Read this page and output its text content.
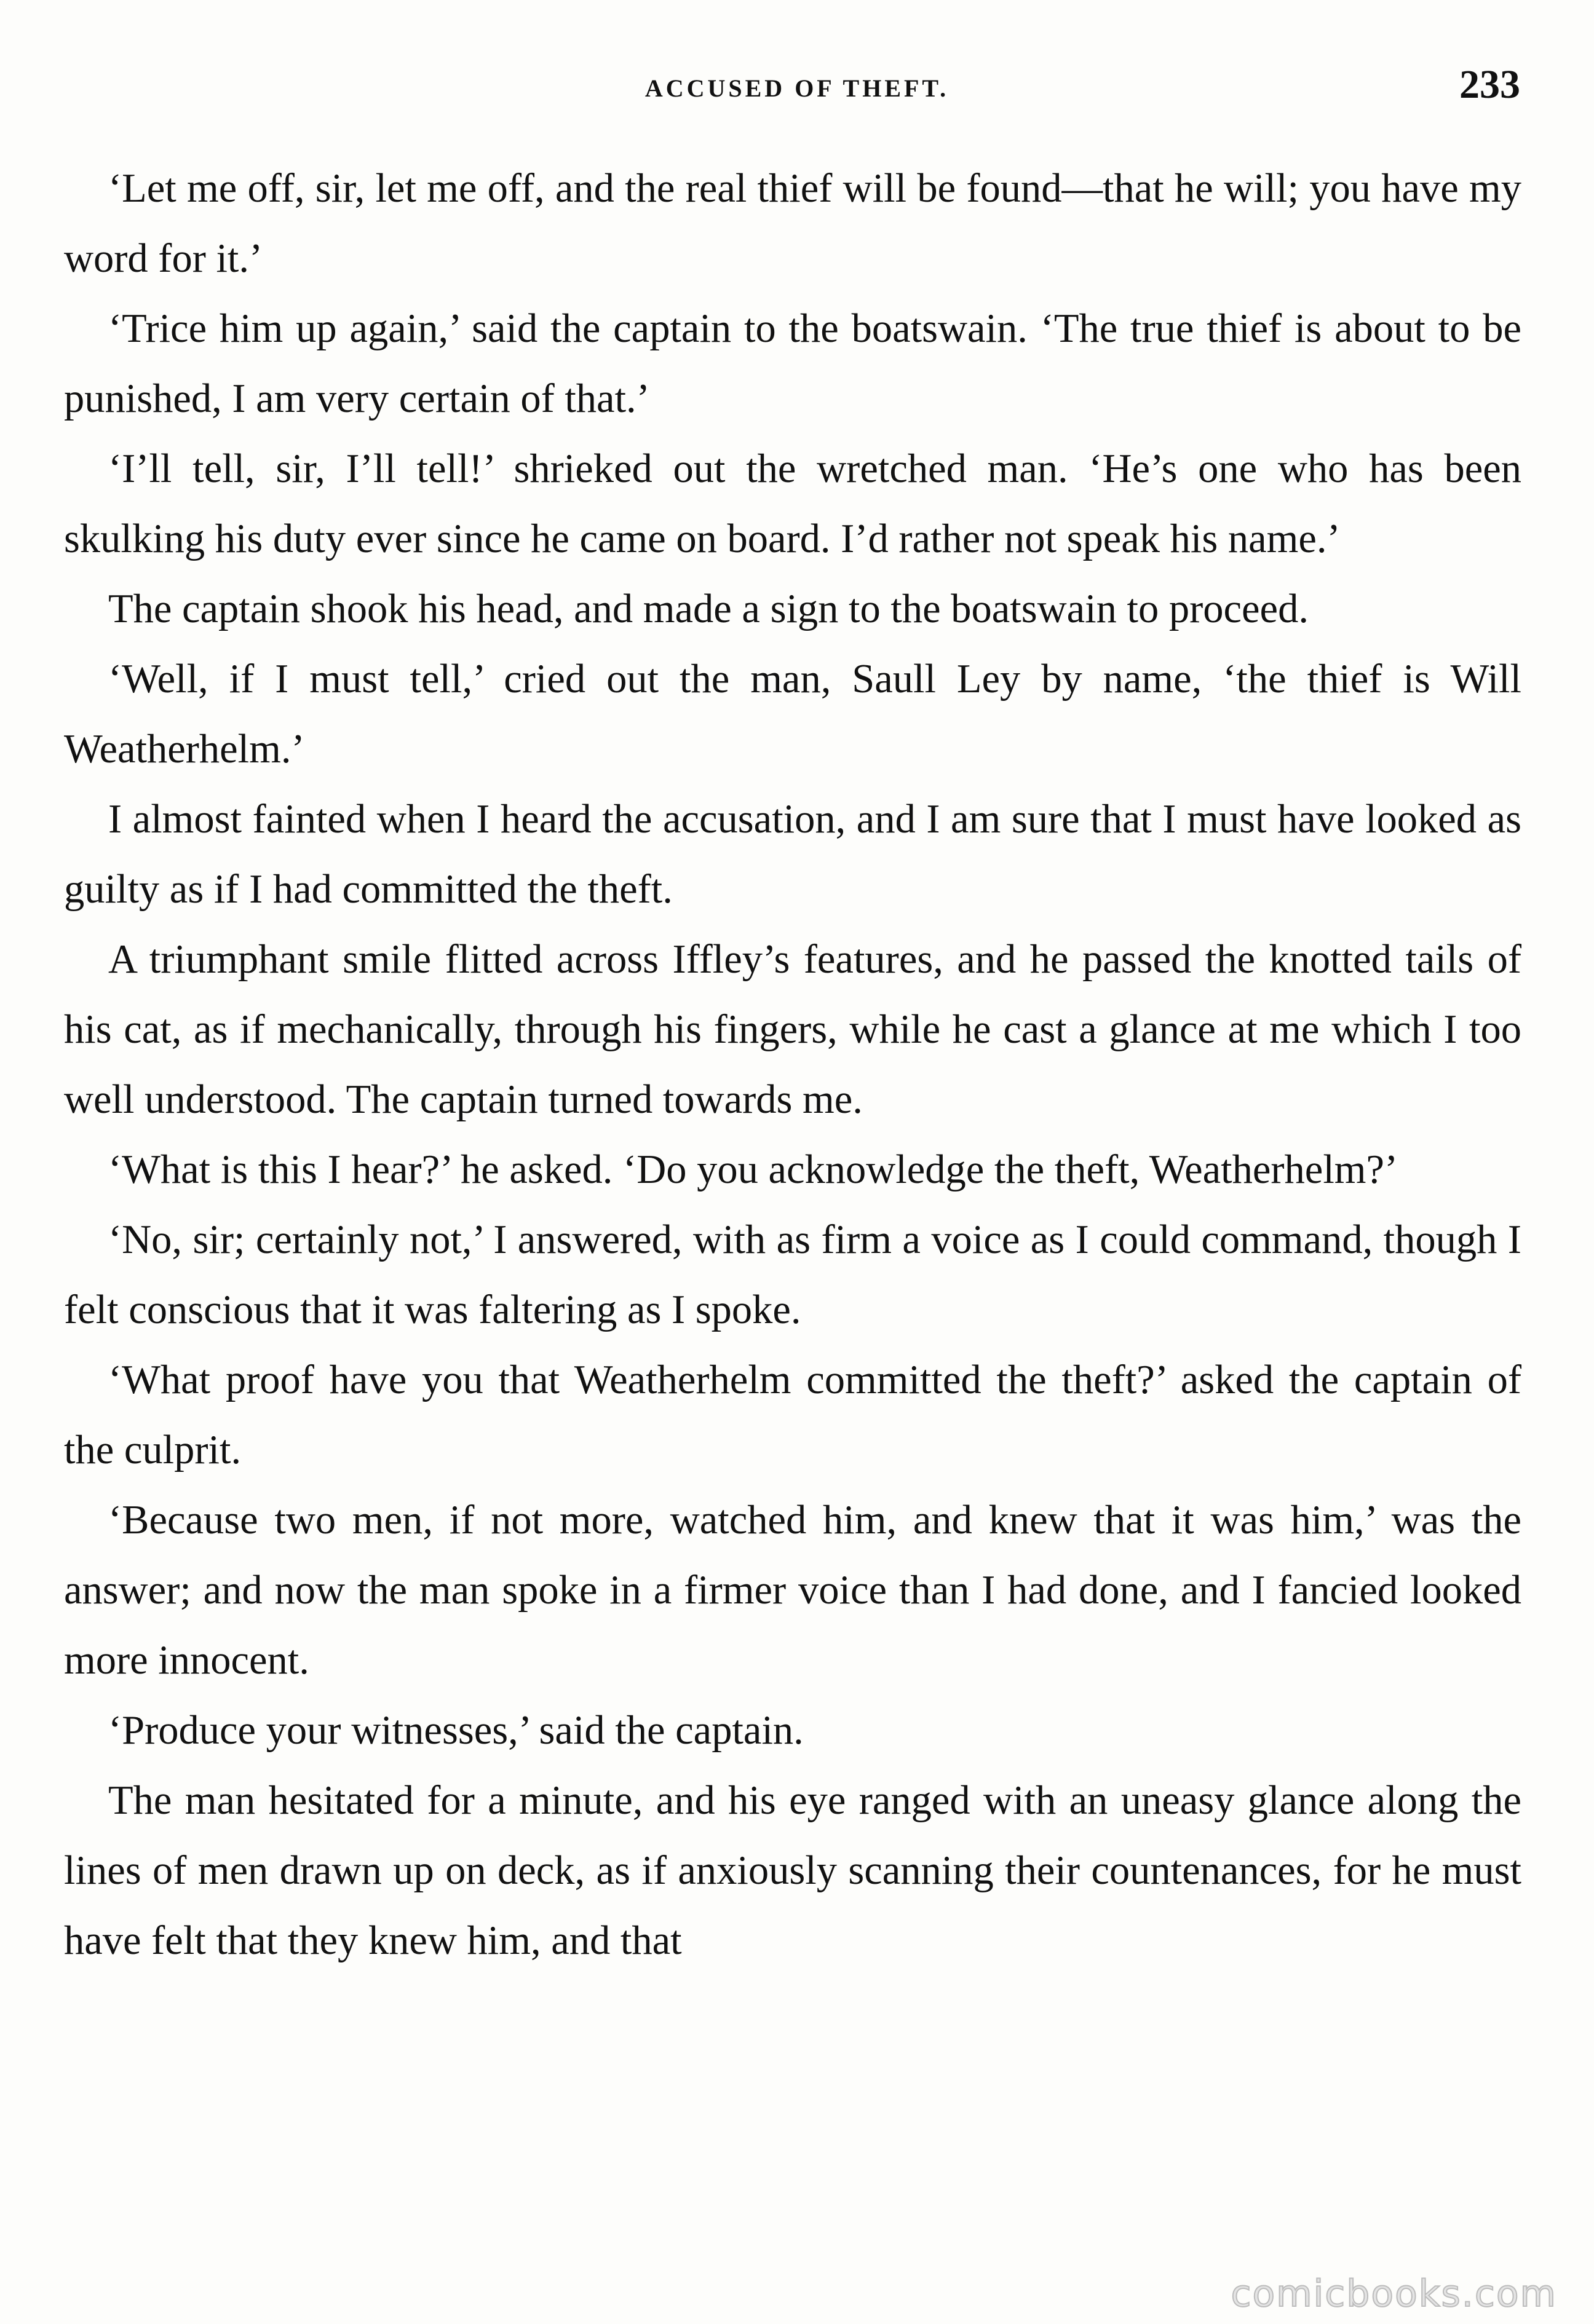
ACCUSED OF THEFT.	233

‘Let me off, sir, let me off, and the real thief will be found—that he will; you have my word for it.’

‘Trice him up again,’ said the captain to the boatswain. ‘The true thief is about to be punished, I am very certain of that.’

‘I’ll tell, sir, I’ll tell!’ shrieked out the wretched man. ‘He’s one who has been skulking his duty ever since he came on board. I’d rather not speak his name.’

The captain shook his head, and made a sign to the boatswain to proceed.

‘Well, if I must tell,’ cried out the man, Saull Ley by name, ‘the thief is Will Weatherhelm.’

I almost fainted when I heard the accusation, and I am sure that I must have looked as guilty as if I had committed the theft.

A triumphant smile flitted across Iffley’s features, and he passed the knotted tails of his cat, as if mechanically, through his fingers, while he cast a glance at me which I too well understood. The captain turned towards me.

‘What is this I hear?’ he asked. ‘Do you acknowledge the theft, Weatherhelm?’

‘No, sir; certainly not,’ I answered, with as firm a voice as I could command, though I felt conscious that it was faltering as I spoke.

‘What proof have you that Weatherhelm committed the theft?’ asked the captain of the culprit.

‘Because two men, if not more, watched him, and knew that it was him,’ was the answer; and now the man spoke in a firmer voice than I had done, and I fancied looked more innocent.

‘Produce your witnesses,’ said the captain.

The man hesitated for a minute, and his eye ranged with an uneasy glance along the lines of men drawn up on deck, as if anxiously scanning their countenances, for he must have felt that they knew him, and that

comicbooks.com
